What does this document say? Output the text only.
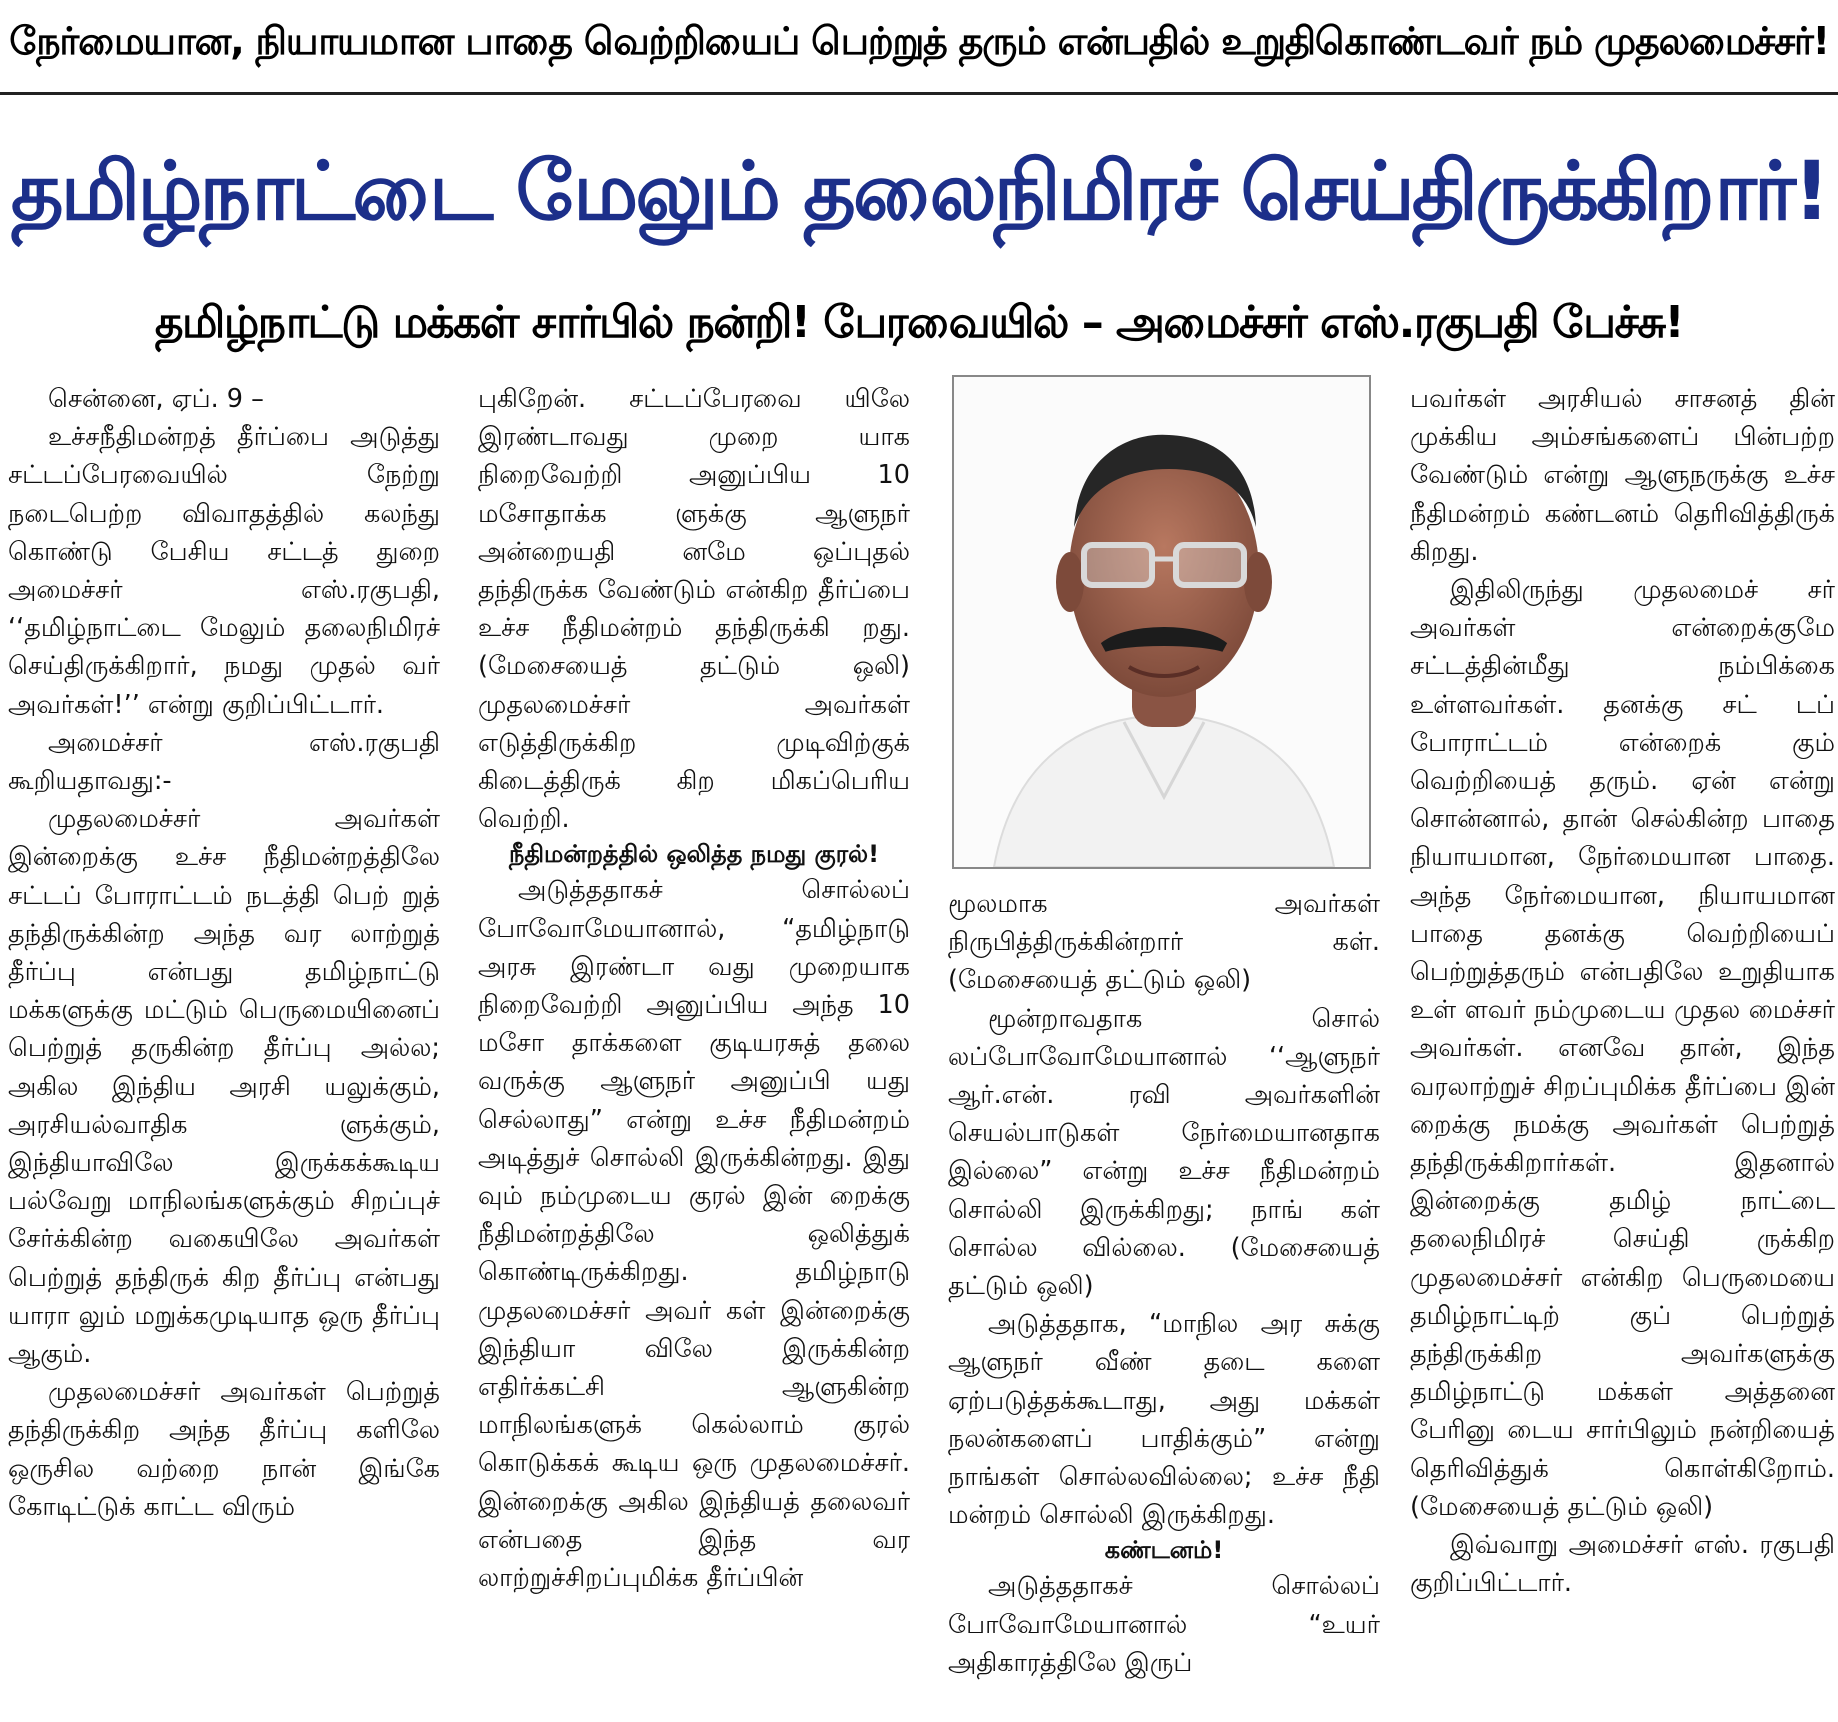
நேர்மையான, நியாயமான பாதை வெற்றியைப் பெற்றுத் தரும் என்பதில் உறுதிகொண்டவர் நம் முதலமைச்சர்!
தமிழ்நாட்டை மேலும் தலைநிமிரச் செய்திருக்கிறார்!
தமிழ்நாட்டு மக்கள் சார்பில் நன்றி! பேரவையில் – அமைச்சர் எஸ்.ரகுபதி பேச்சு!

சென்னை, ஏப். 9 –

உச்சநீதிமன்றத் தீர்ப்பை அடுத்து சட்டப்பேரவையில் நேற்று நடைபெற்ற விவாதத்தில் கலந்து கொண்டு பேசிய சட்டத் துறை அமைச்சர் எஸ்.ரகுபதி, ‘‘தமிழ்நாட்டை மேலும் தலைநிமிரச் செய்திருக்கிறார், நமது முதல் வர் அவர்கள்!’’ என்று குறிப்பிட்டார்.

அமைச்சர் எஸ்.ரகுபதி கூறியதாவது:-

முதலமைச்சர் அவர்கள் இன்றைக்கு உச்ச நீதிமன்றத்திலே சட்டப் போராட்டம் நடத்தி பெற் றுத் தந்திருக்கின்ற அந்த வர லாற்றுத் தீர்ப்பு என்பது தமிழ்நாட்டு மக்களுக்கு மட்டும் பெருமையினைப் பெற்றுத் தருகின்ற தீர்ப்பு அல்ல; அகில இந்திய அரசி யலுக்கும், அரசியல்வாதிக ளுக்கும், இந்தியாவிலே இருக்கக்கூடிய பல்வேறு மாநிலங்களுக்கும் சிறப்புச் சேர்க்கின்ற வகையிலே அவர்கள் பெற்றுத் தந்திருக் கிற தீர்ப்பு என்பது யாரா லும் மறுக்கமுடியாத ஒரு தீர்ப்பு ஆகும்.

முதலமைச்சர் அவர்கள் பெற்றுத் தந்திருக்கிற அந்த தீர்ப்பு களிலே ஒருசில வற்றை நான் இங்கே கோடிட்டுக் காட்ட விரும்

புகிறேன். சட்டப்பேரவை யிலே இரண்டாவது முறை யாக நிறைவேற்றி அனுப்பிய 10 மசோதாக்க ளுக்கு ஆளுநர் அன்றையதி னமே ஒப்புதல் தந்திருக்க வேண்டும் என்கிற தீர்ப்பை உச்ச நீதிமன்றம் தந்திருக்கி றது. (மேசையைத் தட்டும் ஒலி) முதலமைச்சர் அவர்கள் எடுத்திருக்கிற முடிவிற்குக் கிடைத்திருக் கிற மிகப்பெரிய வெற்றி.

நீதிமன்றத்தில் ஒலித்த நமது குரல்!

அடுத்ததாகச் சொல்லப் போவோமேயானால், “தமிழ்நாடு அரசு இரண்டா வது முறையாக நிறைவேற்றி அனுப்பிய அந்த 10 மசோ தாக்களை குடியரசுத் தலை வருக்கு ஆளுநர் அனுப்பி யது செல்லாது” என்று உச்ச நீதிமன்றம் அடித்துச் சொல்லி இருக்கின்றது. இது வும் நம்முடைய குரல் இன் றைக்கு நீதிமன்றத்திலே ஒலித்துக் கொண்டிருக்கிறது. தமிழ்நாடு முதலமைச்சர் அவர் கள் இன்றைக்கு இந்தியா விலே இருக்கின்ற எதிர்க்கட்சி ஆளுகின்ற மாநிலங்களுக் கெல்லாம் குரல் கொடுக்கக் கூடிய ஒரு முதலமைச்சர். இன்றைக்கு அகில இந்தியத் தலைவர் என்பதை இந்த வர லாற்றுச்சிறப்புமிக்க தீர்ப்பின்

மூலமாக அவர்கள் நிருபித்திருக்கின்றார் கள். (மேசையைத் தட்டும் ஒலி)

மூன்றாவதாக சொல் லப்போவோமேயானால் ‘‘ஆளுநர் ஆர்.என். ரவி அவர்களின் செயல்பாடுகள் நேர்மையானதாக இல்லை” என்று உச்ச நீதிமன்றம் சொல்லி இருக்கிறது; நாங் கள் சொல்ல வில்லை. (மேசையைத் தட்டும் ஒலி)

அடுத்ததாக, “மாநில அர சுக்கு ஆளுநர் வீண் தடை களை ஏற்படுத்தக்கூடாது, அது மக்கள் நலன்களைப் பாதிக்கும்” என்று நாங்கள் சொல்லவில்லை; உச்ச நீதி மன்றம் சொல்லி இருக்கிறது.

கண்டனம்!

அடுத்ததாகச் சொல்லப் போவோமேயானால் “உயர் அதிகாரத்திலே இருப்

பவர்கள் அரசியல் சாசனத் தின் முக்கிய அம்சங்களைப் பின்பற்ற வேண்டும் என்று ஆளுநருக்கு உச்ச நீதிமன்றம் கண்டனம் தெரிவித்திருக் கிறது.

இதிலிருந்து முதலமைச் சர் அவர்கள் என்றைக்குமே சட்டத்தின்மீது நம்பிக்கை உள்ளவர்கள். தனக்கு சட் டப் போராட்டம் என்றைக் கும் வெற்றியைத் தரும். ஏன் என்று சொன்னால், தான் செல்கின்ற பாதை நியாயமான, நேர்மையான பாதை. அந்த நேர்மையான, நியாயமான பாதை தனக்கு வெற்றியைப் பெற்றுத்தரும் என்பதிலே உறுதியாக உள் ளவர் நம்முடைய முதல மைச்சர் அவர்கள். எனவே தான், இந்த வரலாற்றுச் சிறப்புமிக்க தீர்ப்பை இன் றைக்கு நமக்கு அவர்கள் பெற்றுத் தந்திருக்கிறார்கள். இதனால் இன்றைக்கு தமிழ் நாட்டை தலைநிமிரச் செய்தி ருக்கிற முதலமைச்சர் என்கிற பெருமையை தமிழ்நாட்டிற் குப் பெற்றுத் தந்திருக்கிற அவர்களுக்கு தமிழ்நாட்டு மக்கள் அத்தனை பேரினு டைய சார்பிலும் நன்றியைத் தெரிவித்துக் கொள்கிறோம். (மேசையைத் தட்டும் ஒலி)

இவ்வாறு அமைச்சர் எஸ். ரகுபதி குறிப்பிட்டார்.
